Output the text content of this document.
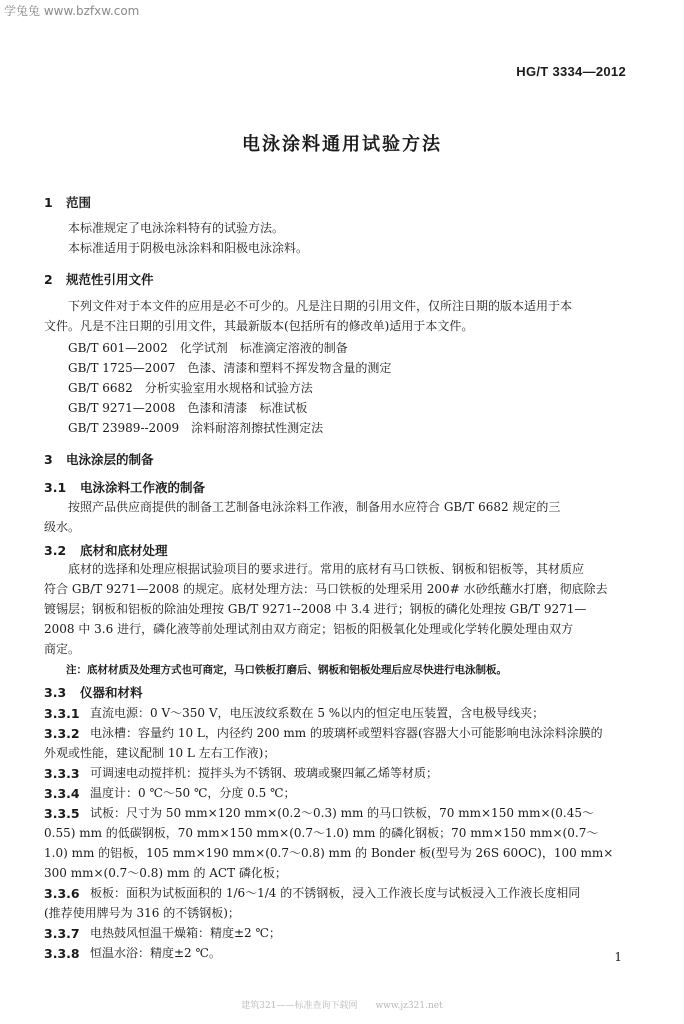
学兔兔 www.bzfxw.com
HG/T 3334—2012
电泳涂料通用试验方法
1 范围
本标准规定了电泳涂料特有的试验方法。
本标准适用于阴极电泳涂料和阳极电泳涂料。
2 规范性引用文件
下列文件对于本文件的应用是必不可少的。凡是注日期的引用文件，仅所注日期的版本适用于本
文件。凡是不注日期的引用文件，其最新版本(包括所有的修改单)适用于本文件。
GB/T 601—2002　化学试剂　标准滴定溶液的制备
GB/T 1725—2007　色漆、清漆和塑料不挥发物含量的测定
GB/T 6682　分析实验室用水规格和试验方法
GB/T 9271—2008　色漆和清漆　标准试板
GB/T 23989--2009　涂料耐溶剂擦拭性测定法
3 电泳涂层的制备
3.1 电泳涂料工作液的制备
按照产品供应商提供的制备工艺制备电泳涂料工作液，制备用水应符合 GB/T 6682 规定的三
级水。
3.2 底材和底材处理
底材的选择和处理应根据试验项目的要求进行。常用的底材有马口铁板、钢板和铝板等，其材质应
符合 GB/T 9271—2008 的规定。底材处理方法：马口铁板的处理采用 200# 水砂纸蘸水打磨，彻底除去
镀锡层；钢板和铝板的除油处理按 GB/T 9271--2008 中 3.4 进行；钢板的磷化处理按 GB/T 9271—
2008 中 3.6 进行，磷化液等前处理试剂由双方商定；铝板的阳极氧化处理或化学转化膜处理由双方
商定。
注：底材材质及处理方式也可商定，马口铁板打磨后、钢板和铝板处理后应尽快进行电泳制板。
3.3 仪器和材料
3.3.1 直流电源：0 V～350 V，电压波纹系数在 5 %以内的恒定电压装置，含电极导线夹；
3.3.2 电泳槽：容量约 10 L，内径约 200 mm 的玻璃杯或塑料容器(容器大小可能影响电泳涂料涂膜的
外观或性能，建议配制 10 L 左右工作液)；
3.3.3 可调速电动搅拌机：搅拌头为不锈钢、玻璃或聚四氟乙烯等材质；
3.3.4 温度计：0 ℃～50 ℃，分度 0.5 ℃；
3.3.5 试板：尺寸为 50 mm×120 mm×(0.2～0.3) mm 的马口铁板，70 mm×150 mm×(0.45～
0.55) mm 的低碳钢板，70 mm×150 mm×(0.7～1.0) mm 的磷化钢板；70 mm×150 mm×(0.7～
1.0) mm 的铝板，105 mm×190 mm×(0.7～0.8) mm 的 Bonder 板(型号为 26S 60OC)，100 mm×
300 mm×(0.7～0.8) mm 的 ACT 磷化板；
3.3.6 板板：面积为试板面积的 1/6～1/4 的不锈钢板，浸入工作液长度与试板浸入工作液长度相同
(推荐使用牌号为 316 的不锈钢板)；
3.3.7 电热鼓风恒温干燥箱：精度±2 ℃；
3.3.8 恒温水浴：精度±2 ℃。	1
建筑321——标准查询下载网　　www.jz321.net
